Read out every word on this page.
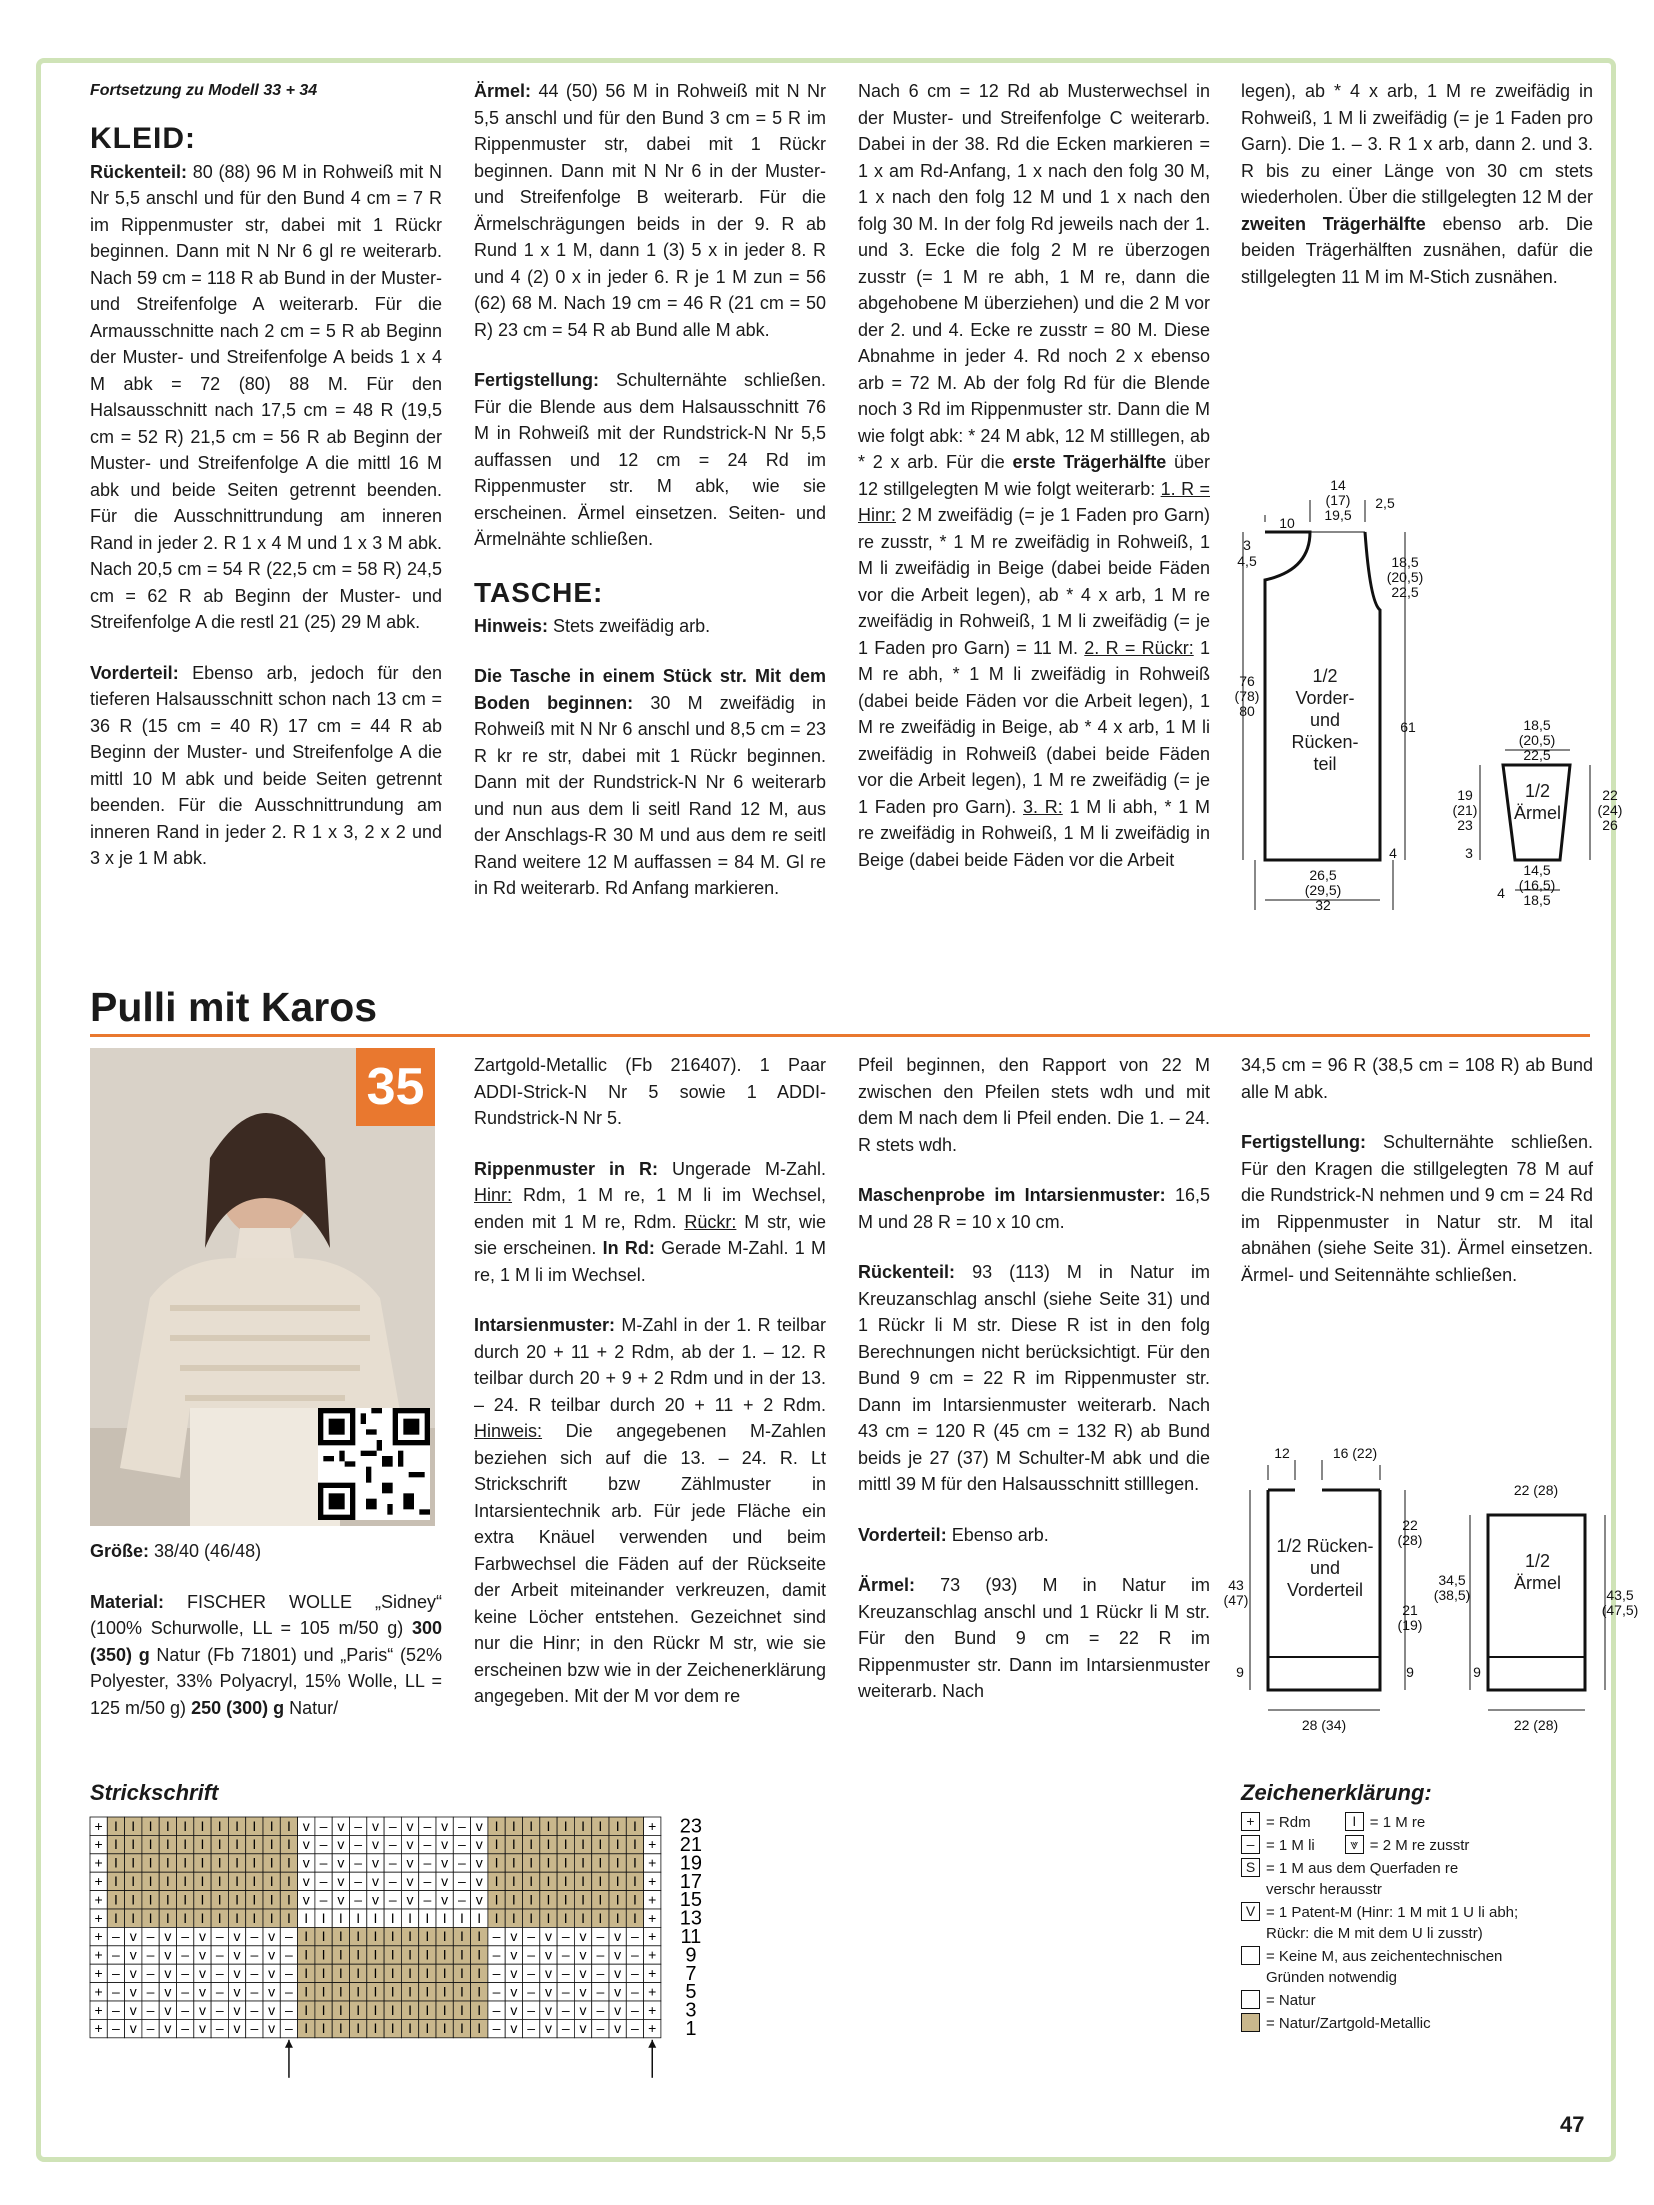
Fortsetzung zu Modell 33 + 34

KLEID:

Rückenteil: 80 (88) 96 M in Rohweiß mit N Nr 5,5 anschl und für den Bund 4 cm = 7 R im Rippenmuster str, dabei mit 1 Rückr beginnen. Dann mit N Nr 6 gl re weiterarb. Nach 59 cm = 118 R ab Bund in der Muster- und Streifenfolge A weiterarb. Für die Armausschnitte nach 2 cm = 5 R ab Beginn der Muster- und Streifenfolge A beids 1 x 4 M abk = 72 (80) 88 M. Für den Halsausschnitt nach 17,5 cm = 48 R (19,5 cm = 52 R) 21,5 cm = 56 R ab Beginn der Muster- und Streifenfolge A die mittl 16 M abk und beide Seiten getrennt beenden. Für die Ausschnittrundung am inneren Rand in jeder 2. R 1 x 4 M und 1 x 3 M abk. Nach 20,5 cm = 54 R (22,5 cm = 58 R) 24,5 cm = 62 R ab Beginn der Muster- und Streifenfolge A die restl 21 (25) 29 M abk.

Vorderteil: Ebenso arb, jedoch für den tieferen Halsausschnitt schon nach 13 cm = 36 R (15 cm = 40 R) 17 cm = 44 R ab Beginn der Muster- und Streifenfolge A die mittl 10 M abk und beide Seiten getrennt beenden. Für die Ausschnittrundung am inneren Rand in jeder 2. R 1 x 3, 2 x 2 und 3 x je 1 M abk.

Ärmel: 44 (50) 56 M in Rohweiß mit N Nr 5,5 anschl und für den Bund 3 cm = 5 R im Rippenmuster str, dabei mit 1 Rückr beginnen. Dann mit N Nr 6 in der Muster- und Streifenfolge B weiterarb. Für die Ärmelschrägungen beids in der 9. R ab Rund 1 x 1 M, dann 1 (3) 5 x in jeder 8. R und 4 (2) 0 x in jeder 6. R je 1 M zun = 56 (62) 68 M. Nach 19 cm = 46 R (21 cm = 50 R) 23 cm = 54 R ab Bund alle M abk.

Fertigstellung: Schulternähte schließen. Für die Blende aus dem Halsausschnitt 76 M in Rohweiß mit der Rundstrick-N Nr 5,5 auffassen und 12 cm = 24 Rd im Rippenmuster str. M abk, wie sie erscheinen. Ärmel einsetzen. Seiten- und Ärmelnähte schließen.

TASCHE:

Hinweis: Stets zweifädig arb.

Die Tasche in einem Stück str. Mit dem Boden beginnen: 30 M zweifädig in Rohweiß mit N Nr 6 anschl und 8,5 cm = 23 R kr re str, dabei mit 1 Rückr beginnen. Dann mit der Rundstrick-N Nr 6 weiterarb und nun aus dem li seitl Rand 12 M, aus der Anschlags-R 30 M und aus dem re seitl Rand weitere 12 M auffassen = 84 M. Gl re in Rd weiterarb. Rd Anfang markieren.

Nach 6 cm = 12 Rd ab Musterwechsel in der Muster- und Streifenfolge C weiterarb. Dabei in der 38. Rd die Ecken markieren = 1 x am Rd-Anfang, 1 x nach den folg 30 M, 1 x nach den folg 12 M und 1 x nach den folg 30 M. In der folg Rd jeweils nach der 1. und 3. Ecke die folg 2 M re überzogen zusstr (= 1 M re abh, 1 M re, dann die abgehobene M überziehen) und die 2 M vor der 2. und 4. Ecke re zusstr = 80 M. Diese Abnahme in jeder 4. Rd noch 2 x ebenso arb = 72 M. Ab der folg Rd für die Blende noch 3 Rd im Rippenmuster str. Dann die M wie folgt abk: * 24 M abk, 12 M stilllegen, ab * 2 x arb. Für die erste Trägerhälfte über 12 stillgelegten M wie folgt weiterarb: 1. R = Hinr: 2 M zweifädig (= je 1 Faden pro Garn) re zusstr, * 1 M re zweifädig in Rohweiß, 1 M li zweifädig in Beige (dabei beide Fäden vor die Arbeit legen), ab * 4 x arb, 1 M re zweifädig in Rohweiß, 1 M li zweifädig (= je 1 Faden pro Garn) = 11 M. 2. R = Rückr: 1 M re abh, * 1 M li zweifädig in Rohweiß (dabei beide Fäden vor die Arbeit legen), 1 M re zweifädig in Beige, ab * 4 x arb, 1 M li zweifädig in Rohweiß (dabei beide Fäden vor die Arbeit legen), 1 M re zweifädig (= je 1 Faden pro Garn). 3. R: 1 M li abh, * 1 M re zweifädig in Rohweiß, 1 M li zweifädig in Beige (dabei beide Fäden vor die Arbeit

legen), ab * 4 x arb, 1 M re zweifädig in Rohweiß, 1 M li zweifädig (= je 1 Faden pro Garn). Die 1. – 3. R 1 x arb, dann 2. und 3. R bis zu einer Länge von 30 cm stets wiederholen. Über die stillgelegten 12 M der zweiten Trägerhälfte ebenso arb. Die beiden Trägerhälften zusnähen, dafür die stillgelegten 11 M im M-Stich zusnähen.

10
14
(17)
19,5
2,5
3
4,5	18,5
(20,5)
22,5
76
(78)
80
61
4
26,5
(29,5)
32
18,5
(20,5)
22,5
19
(21)
23
22
(24)
26
3
4
14,5
(16,5)
18,5
1/2 Vorder- und Rücken- teil
1/2 Ärmel
Pulli mit Karos
35

Größe: 38/40 (46/48)

Material: FISCHER WOLLE „Sidney“ (100% Schurwolle, LL = 105 m/50 g) 300 (350) g Natur (Fb 71801) und „Paris“ (52% Polyester, 33% Polyacryl, 15% Wolle, LL = 125 m/50 g) 250 (300) g Natur/

Zartgold-Metallic (Fb 216407). 1 Paar ADDI-Strick-N Nr 5 sowie 1 ADDI-Rundstrick-N Nr 5.

Rippenmuster in R: Ungerade M-Zahl. Hinr: Rdm, 1 M re, 1 M li im Wechsel, enden mit 1 M re, Rdm. Rückr: M str, wie sie erscheinen. In Rd: Gerade M-Zahl. 1 M re, 1 M li im Wechsel.

Intarsienmuster: M-Zahl in der 1. R teilbar durch 20 + 11 + 2 Rdm, ab der 1. – 12. R teilbar durch 20 + 9 + 2 Rdm und in der 13. – 24. R teilbar durch 20 + 11 + 2 Rdm. Hinweis: Die angegebenen M-Zahlen beziehen sich auf die 13. – 24. R. Lt Strickschrift bzw Zählmuster in Intarsientechnik arb. Für jede Fläche ein extra Knäuel verwenden und beim Farbwechsel die Fäden auf der Rückseite der Arbeit miteinander verkreuzen, damit keine Löcher entstehen. Gezeichnet sind nur die Hinr; in den Rückr M str, wie sie erscheinen bzw wie in der Zeichenerklärung angegeben. Mit der M vor dem re

Pfeil beginnen, den Rapport von 22 M zwischen den Pfeilen stets wdh und mit dem M nach dem li Pfeil enden. Die 1. – 24. R stets wdh.

Maschenprobe im Intarsienmuster: 16,5 M und 28 R = 10 x 10 cm.

Rückenteil: 93 (113) M in Natur im Kreuzanschlag anschl (siehe Seite 31) und 1 Rückr li M str. Diese R ist in den folg Berechnungen nicht berücksichtigt. Für den Bund 9 cm = 22 R im Rippenmuster str. Dann im Intarsienmuster weiterarb. Nach 43 cm = 120 R (45 cm = 132 R) ab Bund beids je 27 (37) M Schulter-M abk und die mittl 39 M für den Halsausschnitt stilllegen.

Vorderteil: Ebenso arb.

Ärmel: 73 (93) M in Natur im Kreuzanschlag anschl und 1 Rückr li M str. Für den Bund 9 cm = 22 R im Rippenmuster str. Dann im Intarsienmuster weiterarb. Nach

34,5 cm = 96 R (38,5 cm = 108 R) ab Bund alle M abk.

Fertigstellung: Schulternähte schließen. Für den Kragen die stillgelegten 78 M auf die Rundstrick-N nehmen und 9 cm = 24 Rd im Rippenmuster in Natur str. M ital abnähen (siehe Seite 31). Ärmel einsetzen. Ärmel- und Seitennähte schließen.

12	16 (22)
43
(47)
22
(28)
21
(19)
9	9
28 (34)
22 (28)
34,5
(38,5)	43,5
(47,5)
9
22 (28)
1/2 Rücken- und Vorderteil
1/2 Ärmel
Strickschrift
+ I I I I I I I I I I I v – v – v – v – v – v I I I I I I I I I + 23
+ I I I I I I I I I I I v – v – v – v – v – v I I I I I I I I I + 21
+ I I I I I I I I I I I v – v – v – v – v – v I I I I I I I I I + 19
+ I I I I I I I I I I I v – v – v – v – v – v I I I I I I I I I + 17
+ I I I I I I I I I I I v – v – v – v – v – v I I I I I I I I I + 15
+ I I I I I I I I I I I I I I I I I I I I I I I I I I I I I I I + 13
+ – v – v – v – v – v – I I I I I I I I I I I – v – v – v – v – + 11
+ – v – v – v – v – v – I I I I I I I I I I I – v – v – v – v – + 9
+ – v – v – v – v – v – I I I I I I I I I I I – v – v – v – v – + 7
+ – v – v – v – v – v – I I I I I I I I I I I – v – v – v – v – + 5
+ – v – v – v – v – v – I I I I I I I I I I I – v – v – v – v – + 3
+ – v – v – v – v – v – I I I I I I I I I I I – v – v – v – v – + 1
Zeichenerklärung:
+ = Rdm
– = 1 M li
I = 1 M re
⩔ = 2 M re zusstr
S = 1 M aus dem Querfaden re verschr herausstr
V = 1 Patent-M (Hinr: 1 M mit 1 U li abh; Rückr: die M mit dem U li zusstr)
= Keine M, aus zeichentechnischen Gründen notwendig
= Natur
= Natur/Zartgold-Metallic
47
